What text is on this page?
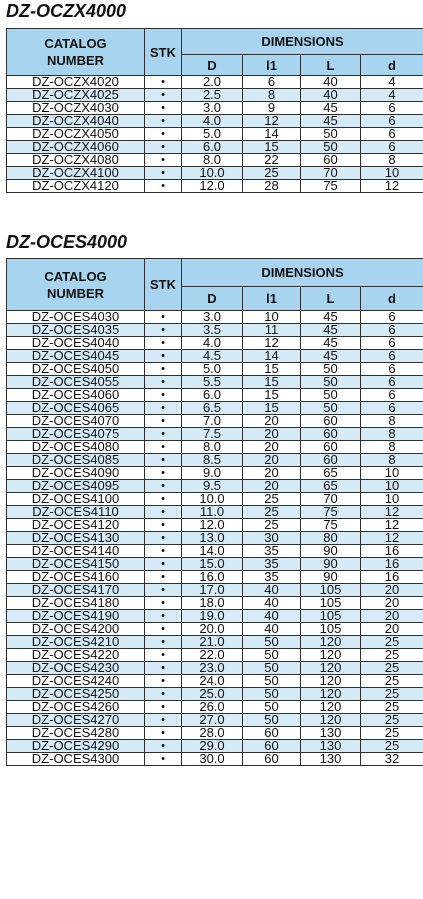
DZ-OCZX4000
CATALOG
NUMBER	STK	DIMENSIONS			
		D	l1	L	d
DZ-OCZX4020	•	2.0	6	40	4
DZ-OCZX4025	•	2.5	8	40	4
DZ-OCZX4030	•	3.0	9	45	6
DZ-OCZX4040	•	4.0	12	45	6
DZ-OCZX4050	•	5.0	14	50	6
DZ-OCZX4060	•	6.0	15	50	6
DZ-OCZX4080	•	8.0	22	60	8
DZ-OCZX4100	•	10.0	25	70	10
DZ-OCZX4120	•	12.0	28	75	12
DZ-OCES4000
CATALOG
NUMBER	STK	DIMENSIONS			
		D	l1	L	d
DZ-OCES4030	•	3.0	10	45	6
DZ-OCES4035	•	3.5	11	45	6
DZ-OCES4040	•	4.0	12	45	6
DZ-OCES4045	•	4.5	14	45	6
DZ-OCES4050	•	5.0	15	50	6
DZ-OCES4055	•	5.5	15	50	6
DZ-OCES4060	•	6.0	15	50	6
DZ-OCES4065	•	6.5	15	50	6
DZ-OCES4070	•	7.0	20	60	8
DZ-OCES4075	•	7.5	20	60	8
DZ-OCES4080	•	8.0	20	60	8
DZ-OCES4085	•	8.5	20	60	8
DZ-OCES4090	•	9.0	20	65	10
DZ-OCES4095	•	9.5	20	65	10
DZ-OCES4100	•	10.0	25	70	10
DZ-OCES4110	•	11.0	25	75	12
DZ-OCES4120	•	12.0	25	75	12
DZ-OCES4130	•	13.0	30	80	12
DZ-OCES4140	•	14.0	35	90	16
DZ-OCES4150	•	15.0	35	90	16
DZ-OCES4160	•	16.0	35	90	16
DZ-OCES4170	•	17.0	40	105	20
DZ-OCES4180	•	18.0	40	105	20
DZ-OCES4190	•	19.0	40	105	20
DZ-OCES4200	•	20.0	40	105	20
DZ-OCES4210	•	21.0	50	120	25
DZ-OCES4220	•	22.0	50	120	25
DZ-OCES4230	•	23.0	50	120	25
DZ-OCES4240	•	24.0	50	120	25
DZ-OCES4250	•	25.0	50	120	25
DZ-OCES4260	•	26.0	50	120	25
DZ-OCES4270	•	27.0	50	120	25
DZ-OCES4280	•	28.0	60	130	25
DZ-OCES4290	•	29.0	60	130	25
DZ-OCES4300	•	30.0	60	130	32
